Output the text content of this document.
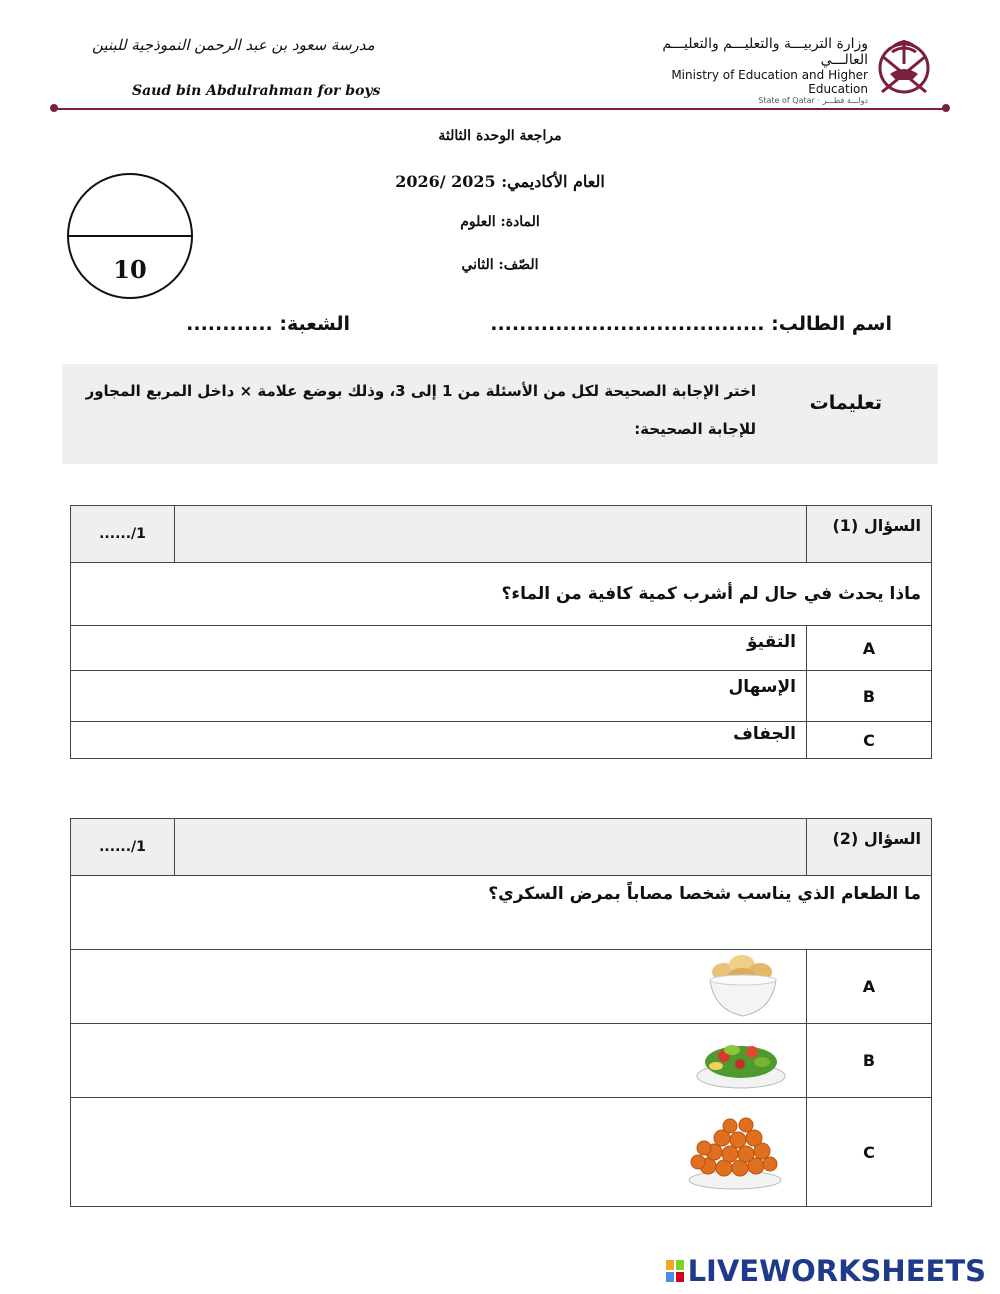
مدرسة سعود بن عبد الرحمن النموذجية للبنين
Saud bin Abdulrahman for boys
وزارة التربيـــة والتعليـــم والتعليـــم العالـــي
Ministry of Education and Higher Education
State of Qatar · دولـــة قطـــر
مراجعة الوحدة الثالثة
العام الأكاديمي: 2025 /2026
المادة: العلوم
الصّف: الثاني
10
اسم الطالب: ......................................
الشعبة: ............
تعليمات
اختر الإجابة الصحيحة لكل من الأسئلة من 1 إلى 3، وذلك بوضع علامة × داخل المربع المجاور للإجابة الصحيحة:
....../1		السؤال (1)
ماذا يحدث في حال لم أشرب كمية كافية من الماء؟		
التقيؤ		A
الإسهال		B
الجفاف		C
....../1		السؤال (2)
ما الطعام الذي يناسب شخصا مصاباً بمرض السكري؟		

	A

	B

	C
LIVEWORKSHEETS
